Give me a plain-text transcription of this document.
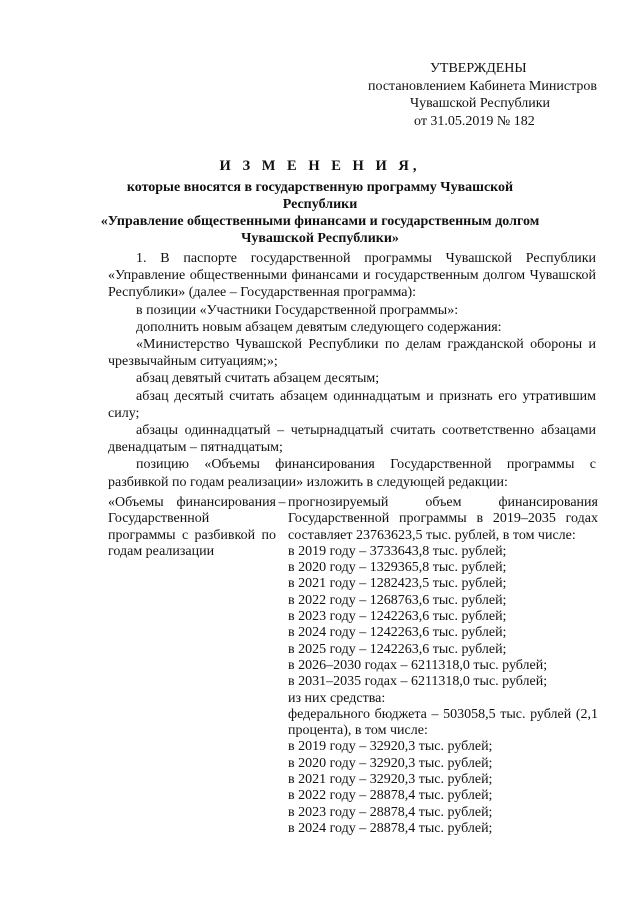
УТВЕРЖДЕНЫ
постановлением Кабинета Министров
Чувашской Республики
от 31.05.2019 № 182
И З М Е Н Е Н И Я,
которые вносятся в государственную программу Чувашской Республики
«Управление общественными финансами и государственным долгом
Чувашской Республики»

1. В паспорте государственной программы Чувашской Республики «Управление общественными финансами и государственным долгом Чувашской Республики» (далее – Государственная программа):

в позиции «Участники Государственной программы»:

дополнить новым абзацем девятым следующего содержания:

«Министерство Чувашской Республики по делам гражданской обороны и чрезвычайным ситуациям;»;

абзац девятый считать абзацем десятым;

абзац десятый считать абзацем одиннадцатым и признать его утратившим силу;

абзацы одиннадцатый – четырнадцатый считать соответственно абзацами двенадцатым – пятнадцатым;

позицию «Объемы финансирования Государственной программы с разбивкой по годам реализации» изложить в следующей редакции:

«Объемы финансирования Государственной программы с разбивкой по годам реализации
– прогнозируемый объем финансирования Государственной программы в 2019–2035 годах составляет 23763623,5 тыс. рублей, в том числе:
в 2019 году – 3733643,8 тыс. рублей;
в 2020 году – 1329365,8 тыс. рублей;
в 2021 году – 1282423,5 тыс. рублей;
в 2022 году – 1268763,6 тыс. рублей;
в 2023 году – 1242263,6 тыс. рублей;
в 2024 году – 1242263,6 тыс. рублей;
в 2025 году – 1242263,6 тыс. рублей;
в 2026–2030 годах – 6211318,0 тыс. рублей;
в 2031–2035 годах – 6211318,0 тыс. рублей;
из них средства:
федерального бюджета – 503058,5 тыс. рублей (2,1 процента), в том числе:
в 2019 году – 32920,3 тыс. рублей;
в 2020 году – 32920,3 тыс. рублей;
в 2021 году – 32920,3 тыс. рублей;
в 2022 году – 28878,4 тыс. рублей;
в 2023 году – 28878,4 тыс. рублей;
в 2024 году – 28878,4 тыс. рублей;
